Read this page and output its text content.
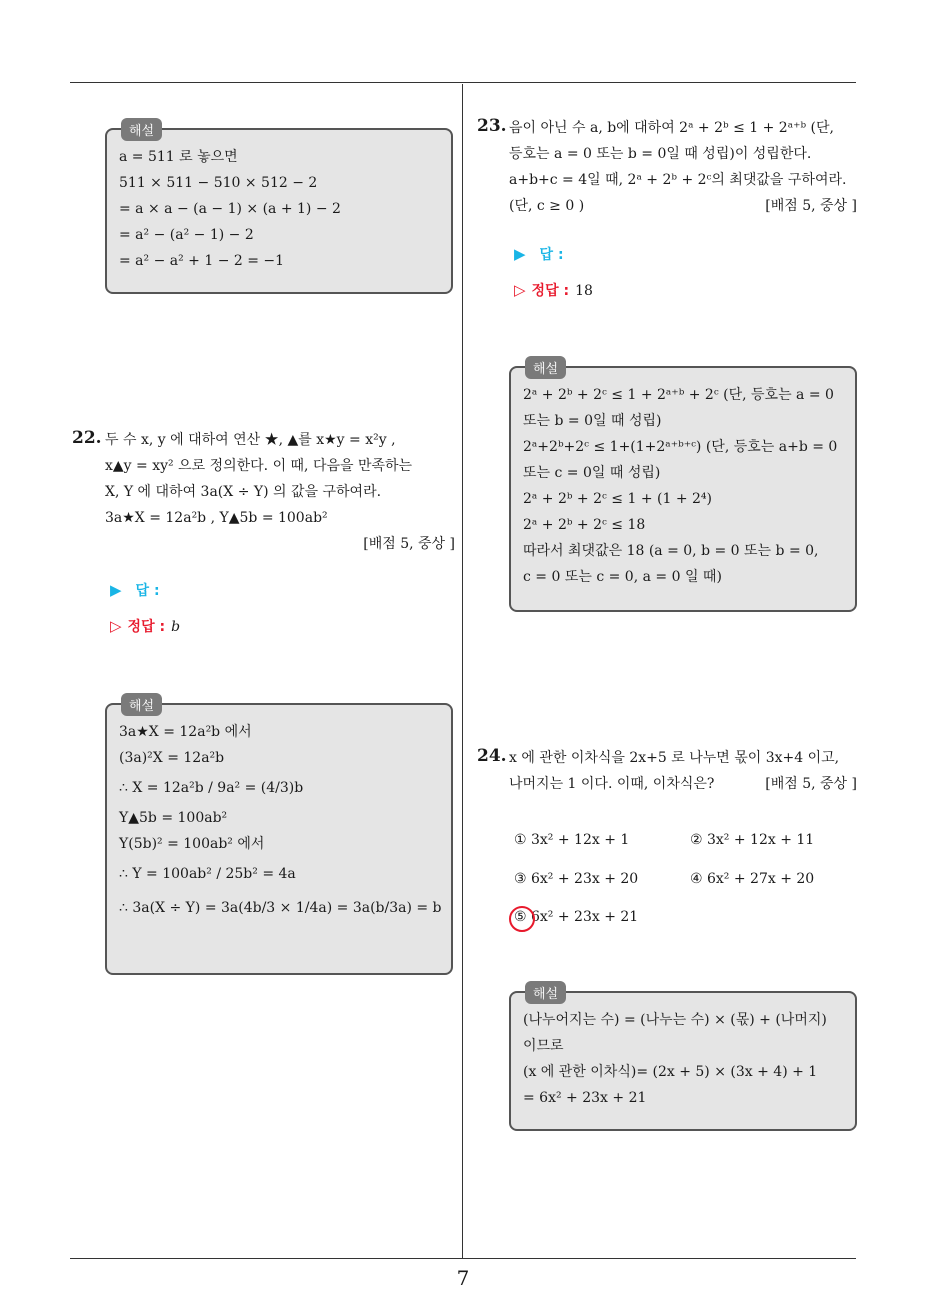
7
해설
a = 511 로 놓으면
511 × 511 − 510 × 512 − 2
= a × a − (a − 1) × (a + 1) − 2
= a² − (a² − 1) − 2
= a² − a² + 1 − 2 = −1
22. 두 수 x, y 에 대하여 연산 ★, ▲를 x★y = x²y ,
x▲y = xy² 으로 정의한다. 이 때, 다음을 만족하는
X, Y 에 대하여 3a(X ÷ Y) 의 값을 구하여라.
3a★X = 12a²b , Y▲5b = 100ab²
[배점 5, 중상 ]
▶ 답 :
▷ 정답 : b
해설
3a★X = 12a²b 에서
(3a)²X = 12a²b
∴ X = 12a²b / 9a² = (4/3)b
Y▲5b = 100ab²
Y(5b)² = 100ab² 에서
∴ Y = 100ab² / 25b² = 4a
∴ 3a(X ÷ Y) = 3a(4b/3 × 1/4a) = 3a(b/3a) = b
23. 음이 아닌 수 a, b에 대하여 2ᵃ + 2ᵇ ≤ 1 + 2ᵃ⁺ᵇ (단,
등호는 a = 0 또는 b = 0일 때 성립)이 성립한다.
a+b+c = 4일 때, 2ᵃ + 2ᵇ + 2ᶜ의 최댓값을 구하여라.
(단, c ≥ 0 )	[배점 5, 중상 ]
▶ 답 :
▷ 정답 : 18
해설
2ᵃ + 2ᵇ + 2ᶜ ≤ 1 + 2ᵃ⁺ᵇ + 2ᶜ (단, 등호는 a = 0
또는 b = 0일 때 성립)
2ᵃ+2ᵇ+2ᶜ ≤ 1+(1+2ᵃ⁺ᵇ⁺ᶜ) (단, 등호는 a+b = 0
또는 c = 0일 때 성립)
2ᵃ + 2ᵇ + 2ᶜ ≤ 1 + (1 + 2⁴)
2ᵃ + 2ᵇ + 2ᶜ ≤ 18
따라서 최댓값은 18 (a = 0, b = 0 또는 b = 0,
c = 0 또는 c = 0, a = 0 일 때)
24. x 에 관한 이차식을 2x+5 로 나누면 몫이 3x+4 이고,
나머지는 1 이다. 이때, 이차식은?	[배점 5, 중상 ]
① 3x² + 12x + 1	② 3x² + 12x + 11
③ 6x² + 23x + 20	④ 6x² + 27x + 20
⑤ 6x² + 23x + 21
해설
(나누어지는 수) = (나누는 수) × (몫) + (나머지)
이므로
(x 에 관한 이차식)= (2x + 5) × (3x + 4) + 1
= 6x² + 23x + 21
